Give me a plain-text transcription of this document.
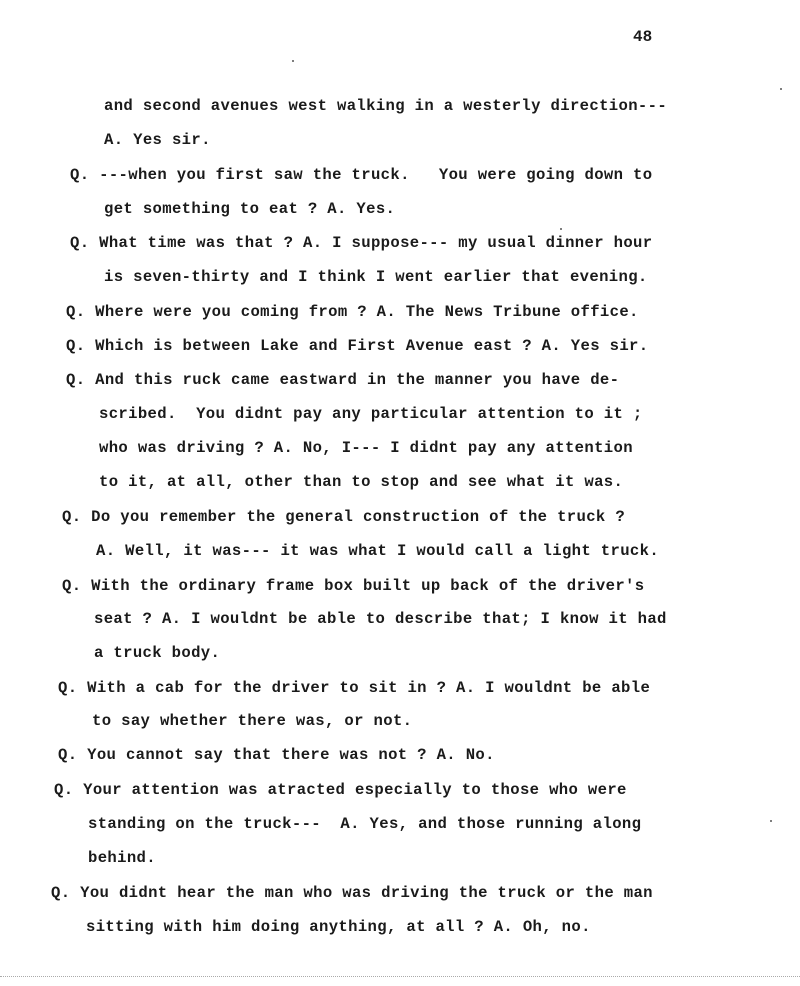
48
and second avenues west walking in a westerly direction---
A. Yes sir.
Q. ---when you first saw the truck.   You were going down to
get something to eat ? A. Yes.
Q. What time was that ? A. I suppose--- my usual dinner hour
is seven-thirty and I think I went earlier that evening.
Q. Where were you coming from ? A. The News Tribune office.
Q. Which is between Lake and First Avenue east ? A. Yes sir.
Q. And this ruck came eastward in the manner you have de-
scribed.  You didnt pay any particular attention to it ;
who was driving ? A. No, I--- I didnt pay any attention
to it, at all, other than to stop and see what it was.
Q. Do you remember the general construction of the truck ?
A. Well, it was--- it was what I would call a light truck.
Q. With the ordinary frame box built up back of the driver's
seat ? A. I wouldnt be able to describe that; I know it had
a truck body.
Q. With a cab for the driver to sit in ? A. I wouldnt be able
to say whether there was, or not.
Q. You cannot say that there was not ? A. No.
Q. Your attention was atracted especially to those who were
standing on the truck---  A. Yes, and those running along
behind.
Q. You didnt hear the man who was driving the truck or the man
sitting with him doing anything, at all ? A. Oh, no.
